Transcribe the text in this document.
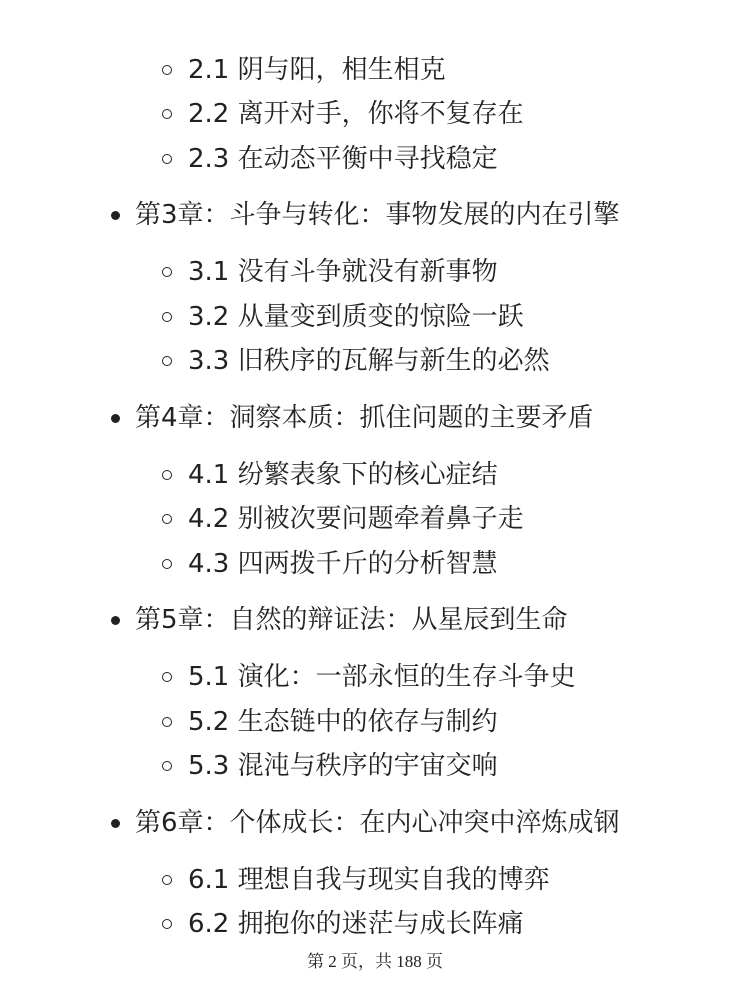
2.1 阴与阳，相生相克
2.2 离开对手，你将不复存在
2.3 在动态平衡中寻找稳定
第3章：斗争与转化：事物发展的内在引擎
3.1 没有斗争就没有新事物
3.2 从量变到质变的惊险一跃
3.3 旧秩序的瓦解与新生的必然
第4章：洞察本质：抓住问题的主要矛盾
4.1 纷繁表象下的核心症结
4.2 别被次要问题牵着鼻子走
4.3 四两拨千斤的分析智慧
第5章：自然的辩证法：从星辰到生命
5.1 演化：一部永恒的生存斗争史
5.2 生态链中的依存与制约
5.3 混沌与秩序的宇宙交响
第6章：个体成长：在内心冲突中淬炼成钢
6.1 理想自我与现实自我的博弈
6.2 拥抱你的迷茫与成长阵痛
第 2 页，共 188 页
